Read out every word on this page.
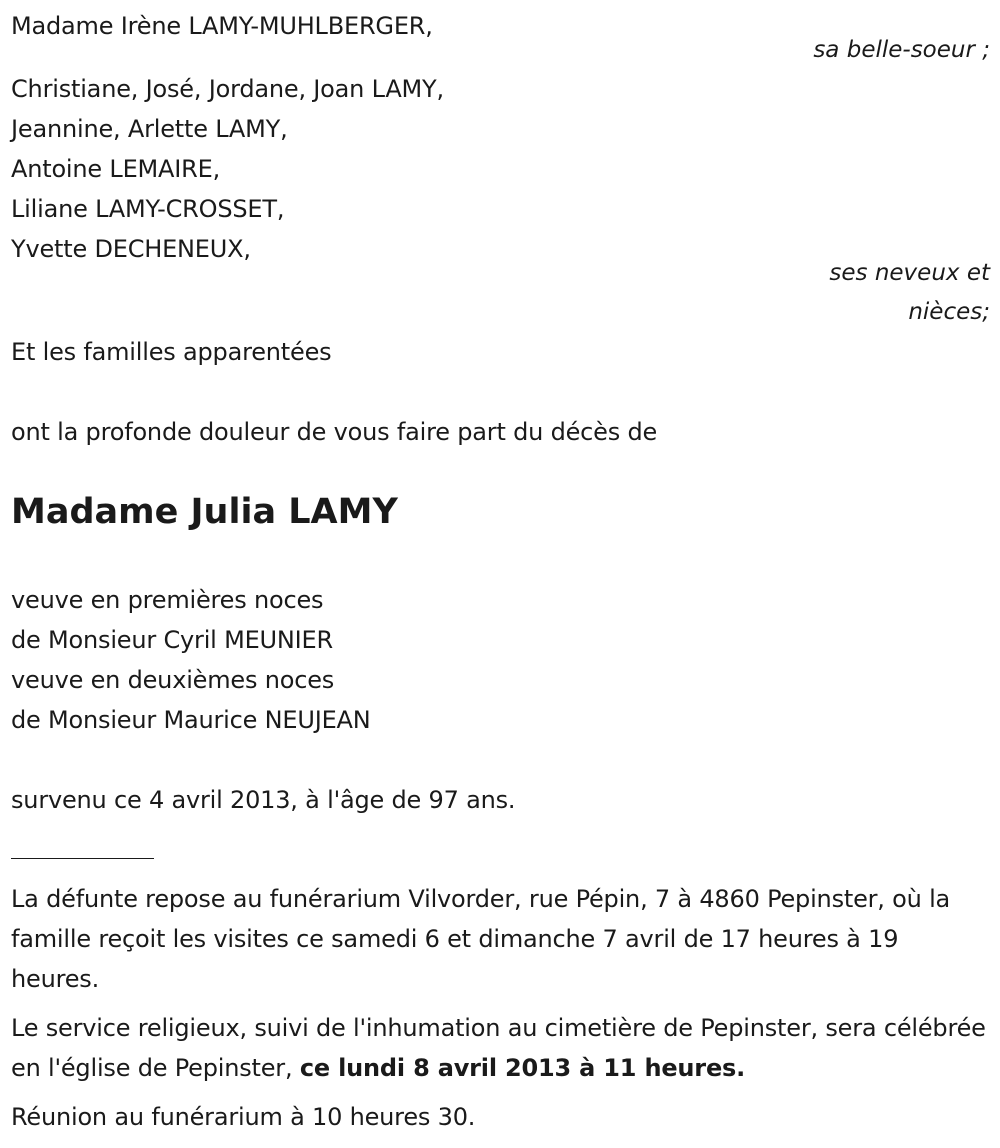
Madame Irène LAMY-MUHLBERGER,
sa belle-soeur ;
Christiane, José, Jordane, Joan LAMY,
Jeannine, Arlette LAMY,
Antoine LEMAIRE,
Liliane LAMY-CROSSET,
Yvette DECHENEUX,
ses neveux et
nièces;
Et les familles apparentées
ont la profonde douleur de vous faire part du décès de
Madame Julia LAMY
veuve en premières noces
de Monsieur Cyril MEUNIER
veuve en deuxièmes noces
de Monsieur Maurice NEUJEAN
survenu ce 4 avril 2013, à l'âge de 97 ans.
La défunte repose au funérarium Vilvorder, rue Pépin, 7 à 4860 Pepinster, où la famille reçoit les visites ce samedi 6 et dimanche 7 avril de 17 heures à 19 heures.
Le service religieux, suivi de l'inhumation au cimetière de Pepinster, sera célébrée en l'église de Pepinster, ce lundi 8 avril 2013 à 11 heures.
Réunion au funérarium à 10 heures 30.
